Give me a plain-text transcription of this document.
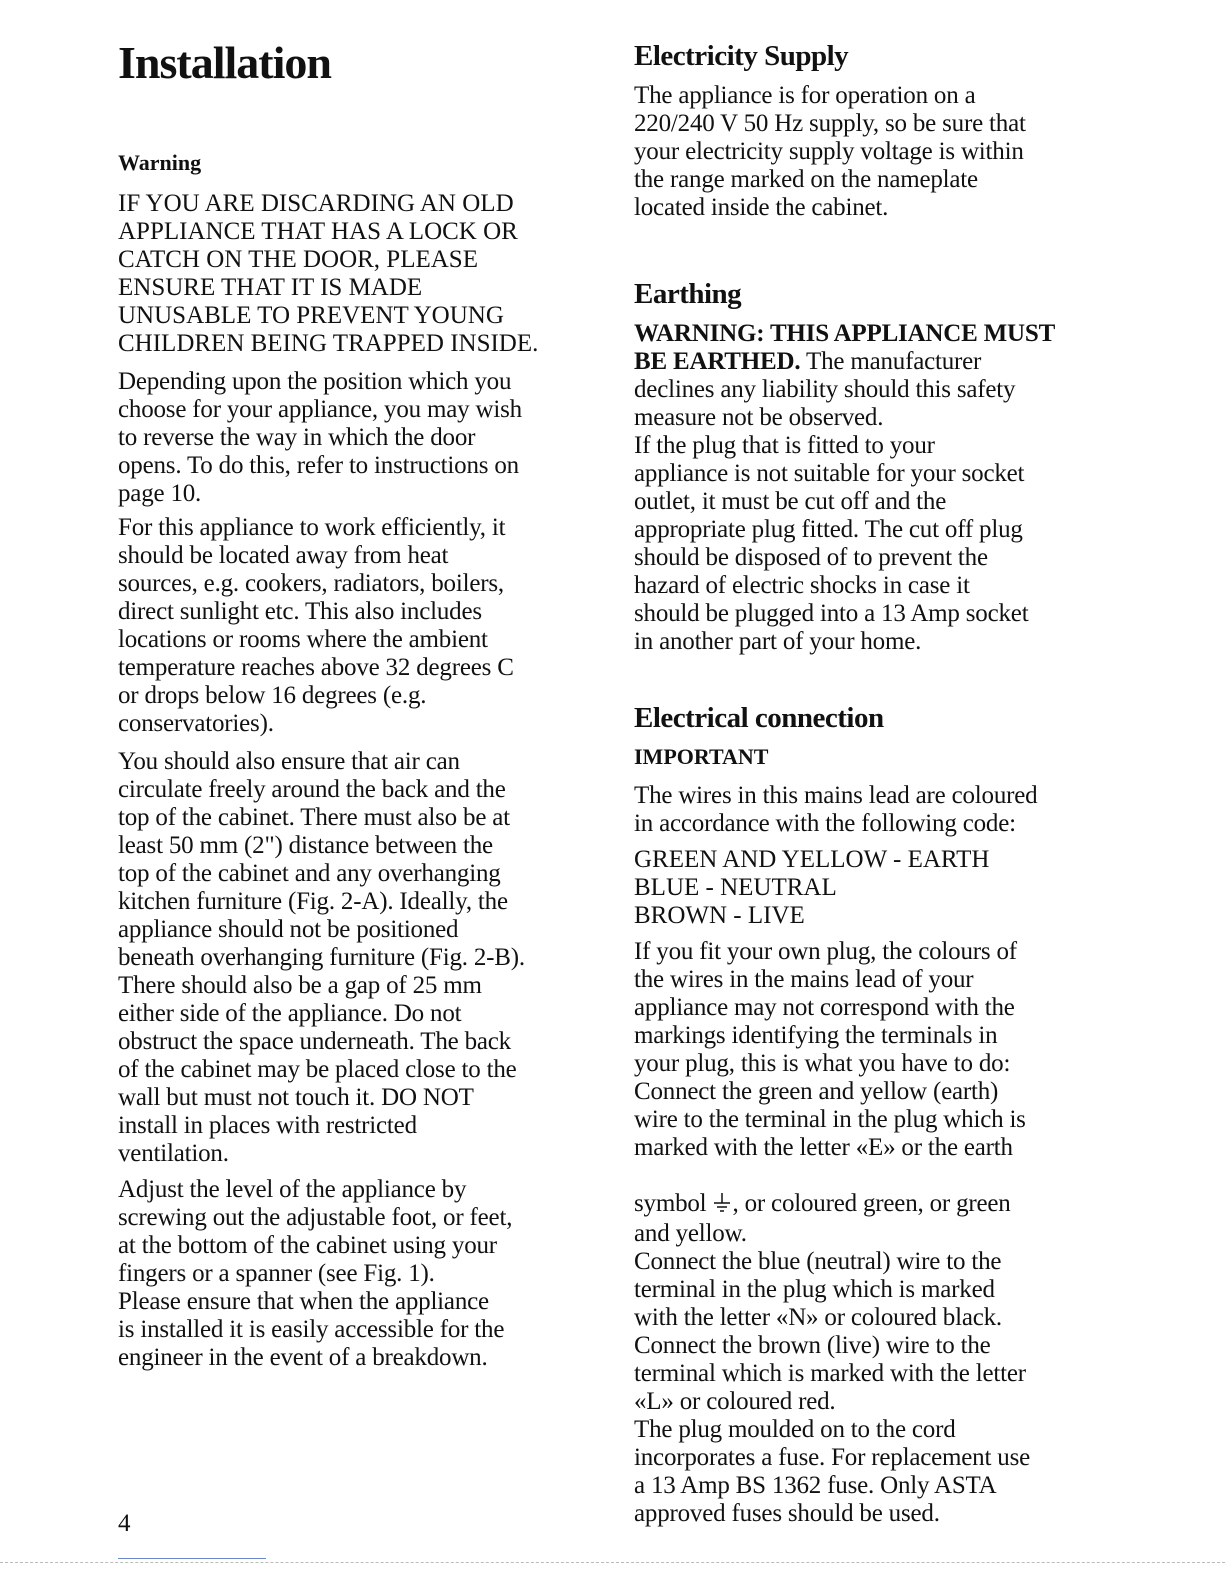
Installation
Warning

IF YOU ARE DISCARDING AN OLD
APPLIANCE THAT HAS A LOCK OR
CATCH ON THE DOOR, PLEASE
ENSURE THAT IT IS MADE
UNUSABLE TO PREVENT YOUNG
CHILDREN BEING TRAPPED INSIDE.

Depending upon the position which you
choose for your appliance, you may wish
to reverse the way in which the door
opens. To do this, refer to instructions on
page 10.

For this appliance to work efficiently, it
should be located away from heat
sources, e.g. cookers, radiators, boilers,
direct sunlight etc. This also includes
locations or rooms where the ambient
temperature reaches above 32 degrees C
or drops below 16 degrees (e.g.
conservatories).

You should also ensure that air can
circulate freely around the back and the
top of the cabinet. There must also be at
least 50 mm (2") distance between the
top of the cabinet and any overhanging
kitchen furniture (Fig. 2-A). Ideally, the
appliance should not be positioned
beneath overhanging furniture (Fig. 2-B).
There should also be a gap of 25 mm
either side of the appliance. Do not
obstruct the space underneath. The back
of the cabinet may be placed close to the
wall but must not touch it. DO NOT
install in places with restricted
ventilation.

Adjust the level of the appliance by
screwing out the adjustable foot, or feet,
at the bottom of the cabinet using your
fingers or a spanner (see Fig. 1).
Please ensure that when the appliance
is installed it is easily accessible for the
engineer in the event of a breakdown.

Electricity Supply

The appliance is for operation on a
220/240 V 50 Hz supply, so be sure that
your electricity supply voltage is within
the range marked on the nameplate
located inside the cabinet.

Earthing

WARNING: THIS APPLIANCE MUST

BE EARTHED. The manufacturer

declines any liability should this safety
measure not be observed.
If the plug that is fitted to your
appliance is not suitable for your socket
outlet, it must be cut off and the
appropriate plug fitted. The cut off plug
should be disposed of to prevent the
hazard of electric shocks in case it
should be plugged into a 13 Amp socket
in another part of your home.

Electrical connection
IMPORTANT

The wires in this mains lead are coloured
in accordance with the following code:

GREEN AND YELLOW - EARTH

BLUE - NEUTRAL

BROWN - LIVE

If you fit your own plug, the colours of
the wires in the mains lead of your
appliance may not correspond with the
markings identifying the terminals in
your plug, this is what you have to do:
Connect the green and yellow (earth)
wire to the terminal in the plug which is
marked with the letter «E» or the earth

symbol , or coloured green, or green

and yellow.
Connect the blue (neutral) wire to the
terminal in the plug which is marked
with the letter «N» or coloured black.
Connect the brown (live) wire to the
terminal which is marked with the letter
«L» or coloured red.
The plug moulded on to the cord
incorporates a fuse. For replacement use
a 13 Amp BS 1362 fuse. Only ASTA
approved fuses should be used.

4
